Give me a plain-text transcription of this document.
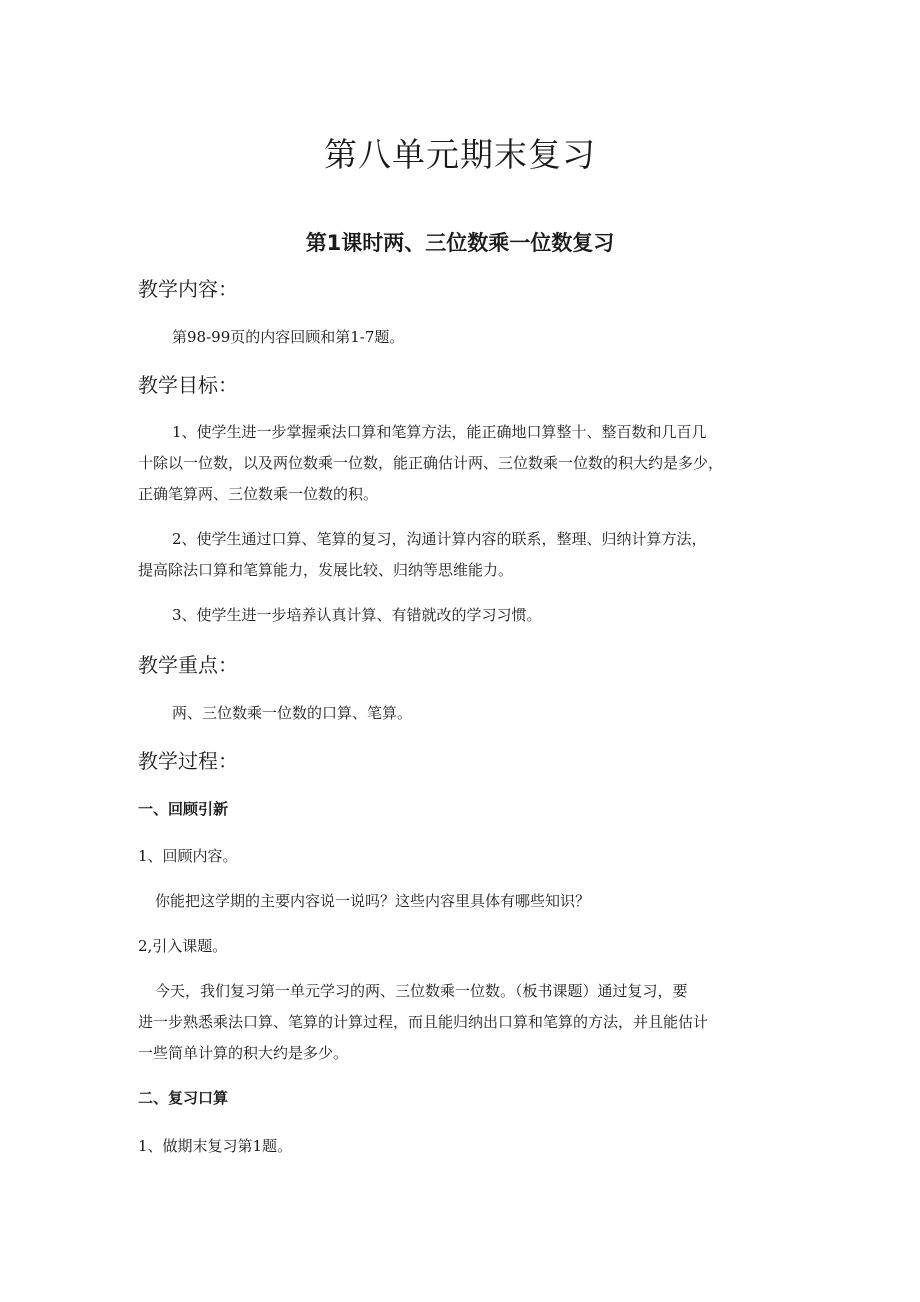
第八单元期末复习
第1课时两、三位数乘一位数复习
教学内容：
第98-99页的内容回顾和第1-7题。
教学目标：
1、使学生进一步掌握乘法口算和笔算方法，能正确地口算整十、整百数和几百几
十除以一位数，以及两位数乘一位数，能正确估计两、三位数乘一位数的积大约是多少，
正确笔算两、三位数乘一位数的积。
2、使学生通过口算、笔算的复习，沟通计算内容的联系，整理、归纳计算方法，
提高除法口算和笔算能力，发展比较、归纳等思维能力。
3、使学生进一步培养认真计算、有错就改的学习习惯。
教学重点：
两、三位数乘一位数的口算、笔算。
教学过程：
一、回顾引新
1、回顾内容。
你能把这学期的主要内容说一说吗？这些内容里具体有哪些知识？
2,引入课题。
今天，我们复习第一单元学习的两、三位数乘一位数。（板书课题）通过复习，要
进一步熟悉乘法口算、笔算的计算过程，而且能归纳出口算和笔算的方法，并且能估计
一些简单计算的积大约是多少。
二、复习口算
1、做期末复习第1题。
